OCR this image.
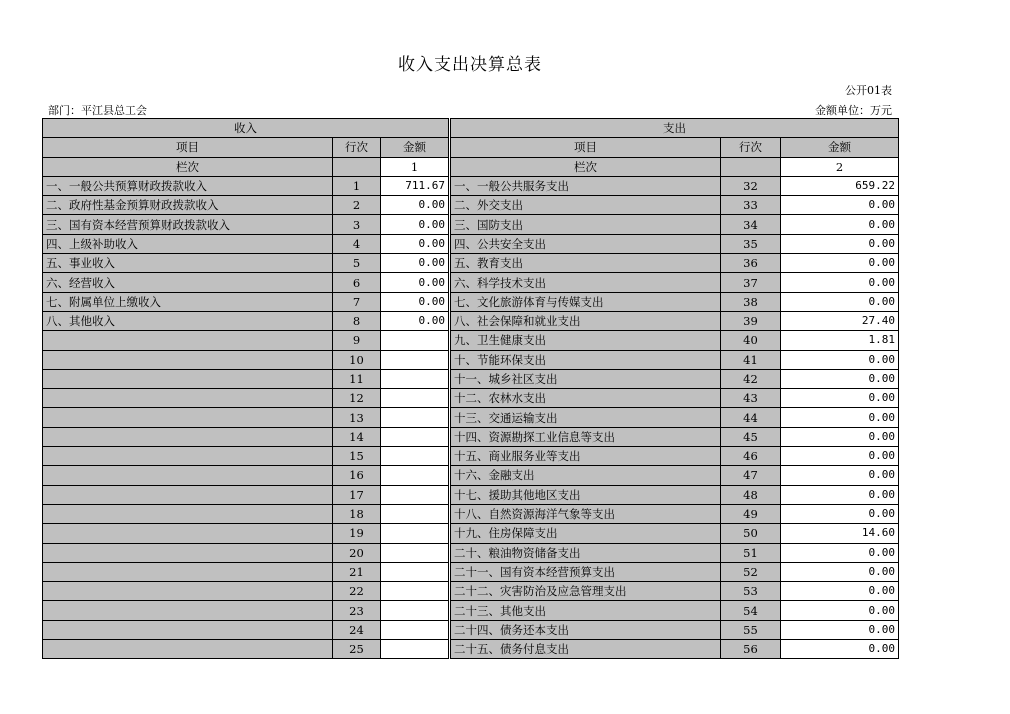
收入支出决算总表
公开01表
部门：平江县总工会	金额单位：万元
收入				支出		
项目	行次	金额		项目	行次	金额
栏次		1		栏次		2
一、一般公共预算财政拨款收入	1	711.67		一、一般公共服务支出	32	659.22
二、政府性基金预算财政拨款收入	2	0.00		二、外交支出	33	0.00
三、国有资本经营预算财政拨款收入	3	0.00		三、国防支出	34	0.00
四、上级补助收入	4	0.00		四、公共安全支出	35	0.00
五、事业收入	5	0.00		五、教育支出	36	0.00
六、经营收入	6	0.00		六、科学技术支出	37	0.00
七、附属单位上缴收入	7	0.00		七、文化旅游体育与传媒支出	38	0.00
八、其他收入	8	0.00		八、社会保障和就业支出	39	27.40
	9			九、卫生健康支出	40	1.81
	10			十、节能环保支出	41	0.00
	11			十一、城乡社区支出	42	0.00
	12			十二、农林水支出	43	0.00
	13			十三、交通运输支出	44	0.00
	14			十四、资源勘探工业信息等支出	45	0.00
	15			十五、商业服务业等支出	46	0.00
	16			十六、金融支出	47	0.00
	17			十七、援助其他地区支出	48	0.00
	18			十八、自然资源海洋气象等支出	49	0.00
	19			十九、住房保障支出	50	14.60
	20			二十、粮油物资储备支出	51	0.00
	21			二十一、国有资本经营预算支出	52	0.00
	22			二十二、灾害防治及应急管理支出	53	0.00
	23			二十三、其他支出	54	0.00
	24			二十四、债务还本支出	55	0.00
	25			二十五、债务付息支出	56	0.00
